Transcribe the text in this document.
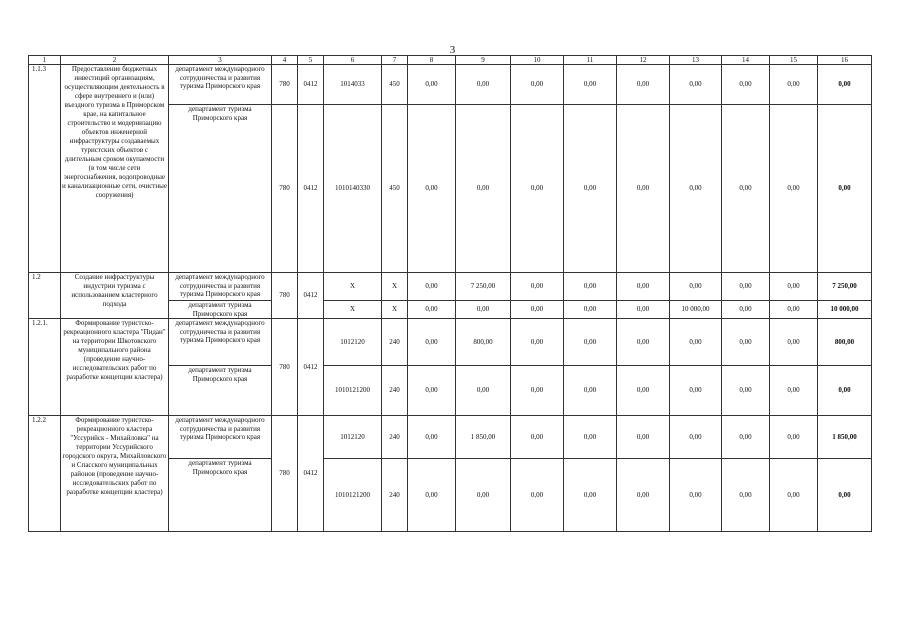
3
1	2	3	4	5	6	7	8	9	10	11	12	13	14	15	16
1.1.3	Предоставление бюджетных инвестиций организациям, осуществляющим деятельность в сфере внутреннего и (или) въездного туризма в Приморском крае, на капитальное строительство и модернизацию объектов инженерной инфраструктуры создаваемых туристских объектов с длительным сроком окупаемости (в том числе сети энергоснабжения, водопроводные и канализационные сети, очистные сооружения)	департамент международного сотрудничества и развития туризма Приморского края	780	0412	1014033	450	0,00	0,00	0,00	0,00	0,00	0,00	0,00	0,00	0,00
		департамент туризма Приморского края	780	0412	1010140330	450	0,00	0,00	0,00	0,00	0,00	0,00	0,00	0,00	0,00
1.2	Создание инфраструктуры индустрии туризма с использованием кластерного подхода	департамент международного сотрудничества и развития туризма Приморского края	780	0412	X	X	0,00	7 250,00	0,00	0,00	0,00	0,00	0,00	0,00	7 250,00
		департамент туризма Приморского края			X	X	0,00	0,00	0,00	0,00	0,00	10 000,00	0,00	0,00	10 000,00
1.2.1.	Формирование туристско-рекреационного кластера "Пидан" на территории Шкотовского муниципального района (проведение научно-исследовательских работ по разработке концепции кластера)	департамент международного сотрудничества и развития туризма Приморского края	780	0412	1012120	240	0,00	800,00	0,00	0,00	0,00	0,00	0,00	0,00	800,00
		департамент туризма Приморского края			1010121200	240	0,00	0,00	0,00	0,00	0,00	0,00	0,00	0,00	0,00
1.2.2	Формирование туристско-рекреационного кластера "Уссурийск - Михайловка" на территории Уссурийского городского округа, Михайловского и Спасского муниципальных районов (проведение научно-исследовательских работ по разработке концепции кластера)	департамент международного сотрудничества и развития туризма Приморского края	780	0412	1012120	240	0,00	1 850,00	0,00	0,00	0,00	0,00	0,00	0,00	1 850,00
		департамент туризма Приморского края			1010121200	240	0,00	0,00	0,00	0,00	0,00	0,00	0,00	0,00	0,00
